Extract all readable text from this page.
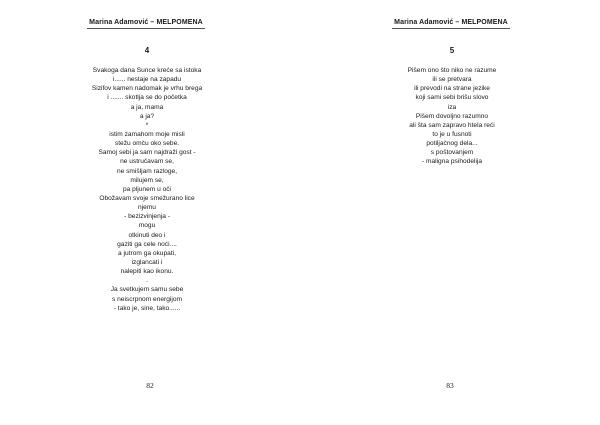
Marina Adamović – MELPOMENA
4
Svakoga dana Sunce kreće sa istoka
i...... nestaje na zapadu
Sizifov kamen nadomak je vrhu brega
i ....... skotlja se do početka
a ja, mama
a ja?
*
istim zamahom moje misli
stežu omču oko sebe.
Samoj sebi ja sam najdraži gost -
ne ustručavam se,
ne smišljam razloge,
milujem se,
pa pljunem u oči
Obožavam svoje smežurano lice
njemu
- bezizvinjenja -
mogu
otkinuti deo i
gaziti ga cele noći....
a jutrom ga okupati,
izglancati i
nalepiti kao ikonu.
.
Ja svetkujem samu sebe
s neiscrpnom energijom
- tako je, sine, tako......
82
Marina Adamović – MELPOMENA
5
Pišem ono što niko ne razume
ili se pretvara
ili prevodi na strane jezike
koji sami sebi brišu slovo
iza
Pišem dovoljno razumno
ali šta sam zapravo htela reći
to je u fusnoti
potiljačnog dela...
s poštovanjem
- maligna psihodelija
83
